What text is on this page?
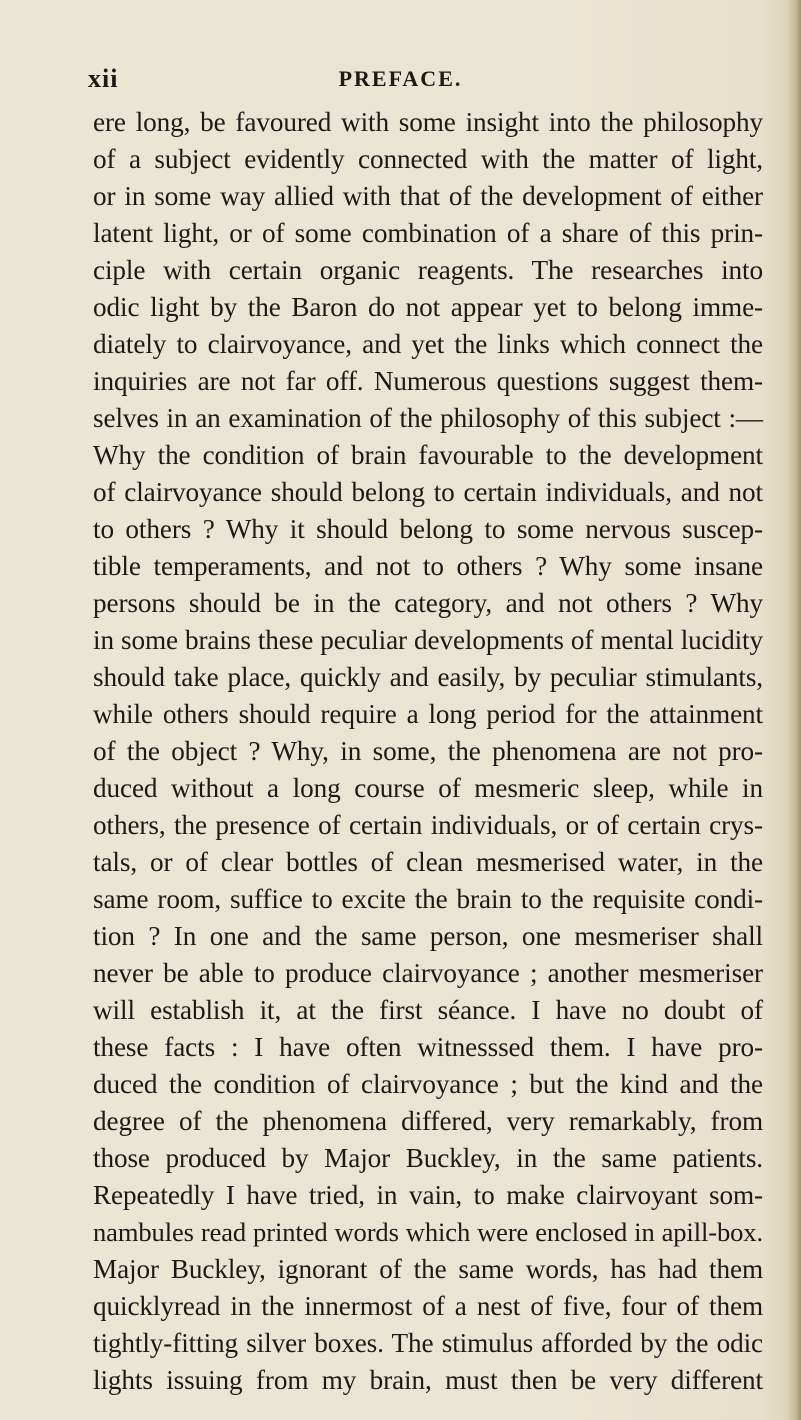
xii	PREFACE.
ere long, be favoured with some insight into the philosophy
of a subject evidently connected with the matter of light,
or in some way allied with that of the development of either
latent light, or of some combination of a share of this prin-
ciple with certain organic reagents. The researches into
odic light by the Baron do not appear yet to belong imme-
diately to clairvoyance, and yet the links which connect the
inquiries are not far off. Numerous questions suggest them-
selves in an examination of the philosophy of this subject :—
Why the condition of brain favourable to the development
of clairvoyance should belong to certain individuals, and not
to others ? Why it should belong to some nervous suscep-
tible temperaments, and not to others ? Why some insane
persons should be in the category, and not others ? Why
in some brains these peculiar developments of mental lucidity
should take place, quickly and easily, by peculiar stimulants,
while others should require a long period for the attainment
of the object ? Why, in some, the phenomena are not pro-
duced without a long course of mesmeric sleep, while in
others, the presence of certain individuals, or of certain crys-
tals, or of clear bottles of clean mesmerised water, in the
same room, suffice to excite the brain to the requisite condi-
tion ? In one and the same person, one mesmeriser shall
never be able to produce clairvoyance ; another mesmeriser
will establish it, at the first séance. I have no doubt of
these facts : I have often witnesssed them. I have pro-
duced the condition of clairvoyance ; but the kind and the
degree of the phenomena differed, very remarkably, from
those produced by Major Buckley, in the same patients.
Repeatedly I have tried, in vain, to make clairvoyant som-
nambules read printed words which were enclosed in apill-box.
Major Buckley, ignorant of the same words, has had them
quicklyread in the innermost of a nest of five, four of them
tightly-fitting silver boxes. The stimulus afforded by the odic
lights issuing from my brain, must then be very different
